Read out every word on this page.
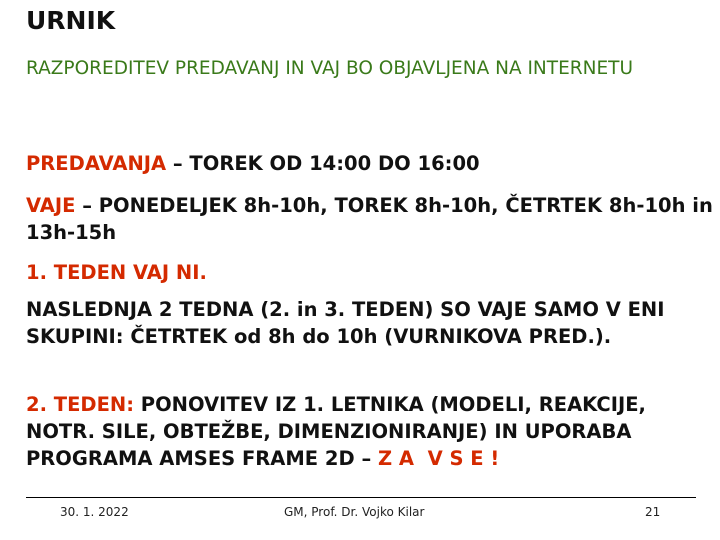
URNIK
RAZPOREDITEV PREDAVANJ IN VAJ BO OBJAVLJENA NA INTERNETU
PREDAVANJA – TOREK OD 14:00 DO 16:00
VAJE – PONEDELJEK 8h-10h, TOREK 8h-10h, ČETRTEK 8h-10h in 13h-15h
1. TEDEN VAJ NI.
NASLEDNJA 2 TEDNA (2. in 3. TEDEN) SO VAJE SAMO V ENI SKUPINI: ČETRTEK od 8h do 10h (VURNIKOVA PRED.).
2. TEDEN: PONOVITEV IZ 1. LETNIKA (MODELI, REAKCIJE, NOTR. SILE, OBTEŽBE, DIMENZIONIRANJE) IN UPORABA PROGRAMA AMSES FRAME 2D – Z A  V S E !
30. 1. 2022	GM, Prof. Dr. Vojko Kilar	21
